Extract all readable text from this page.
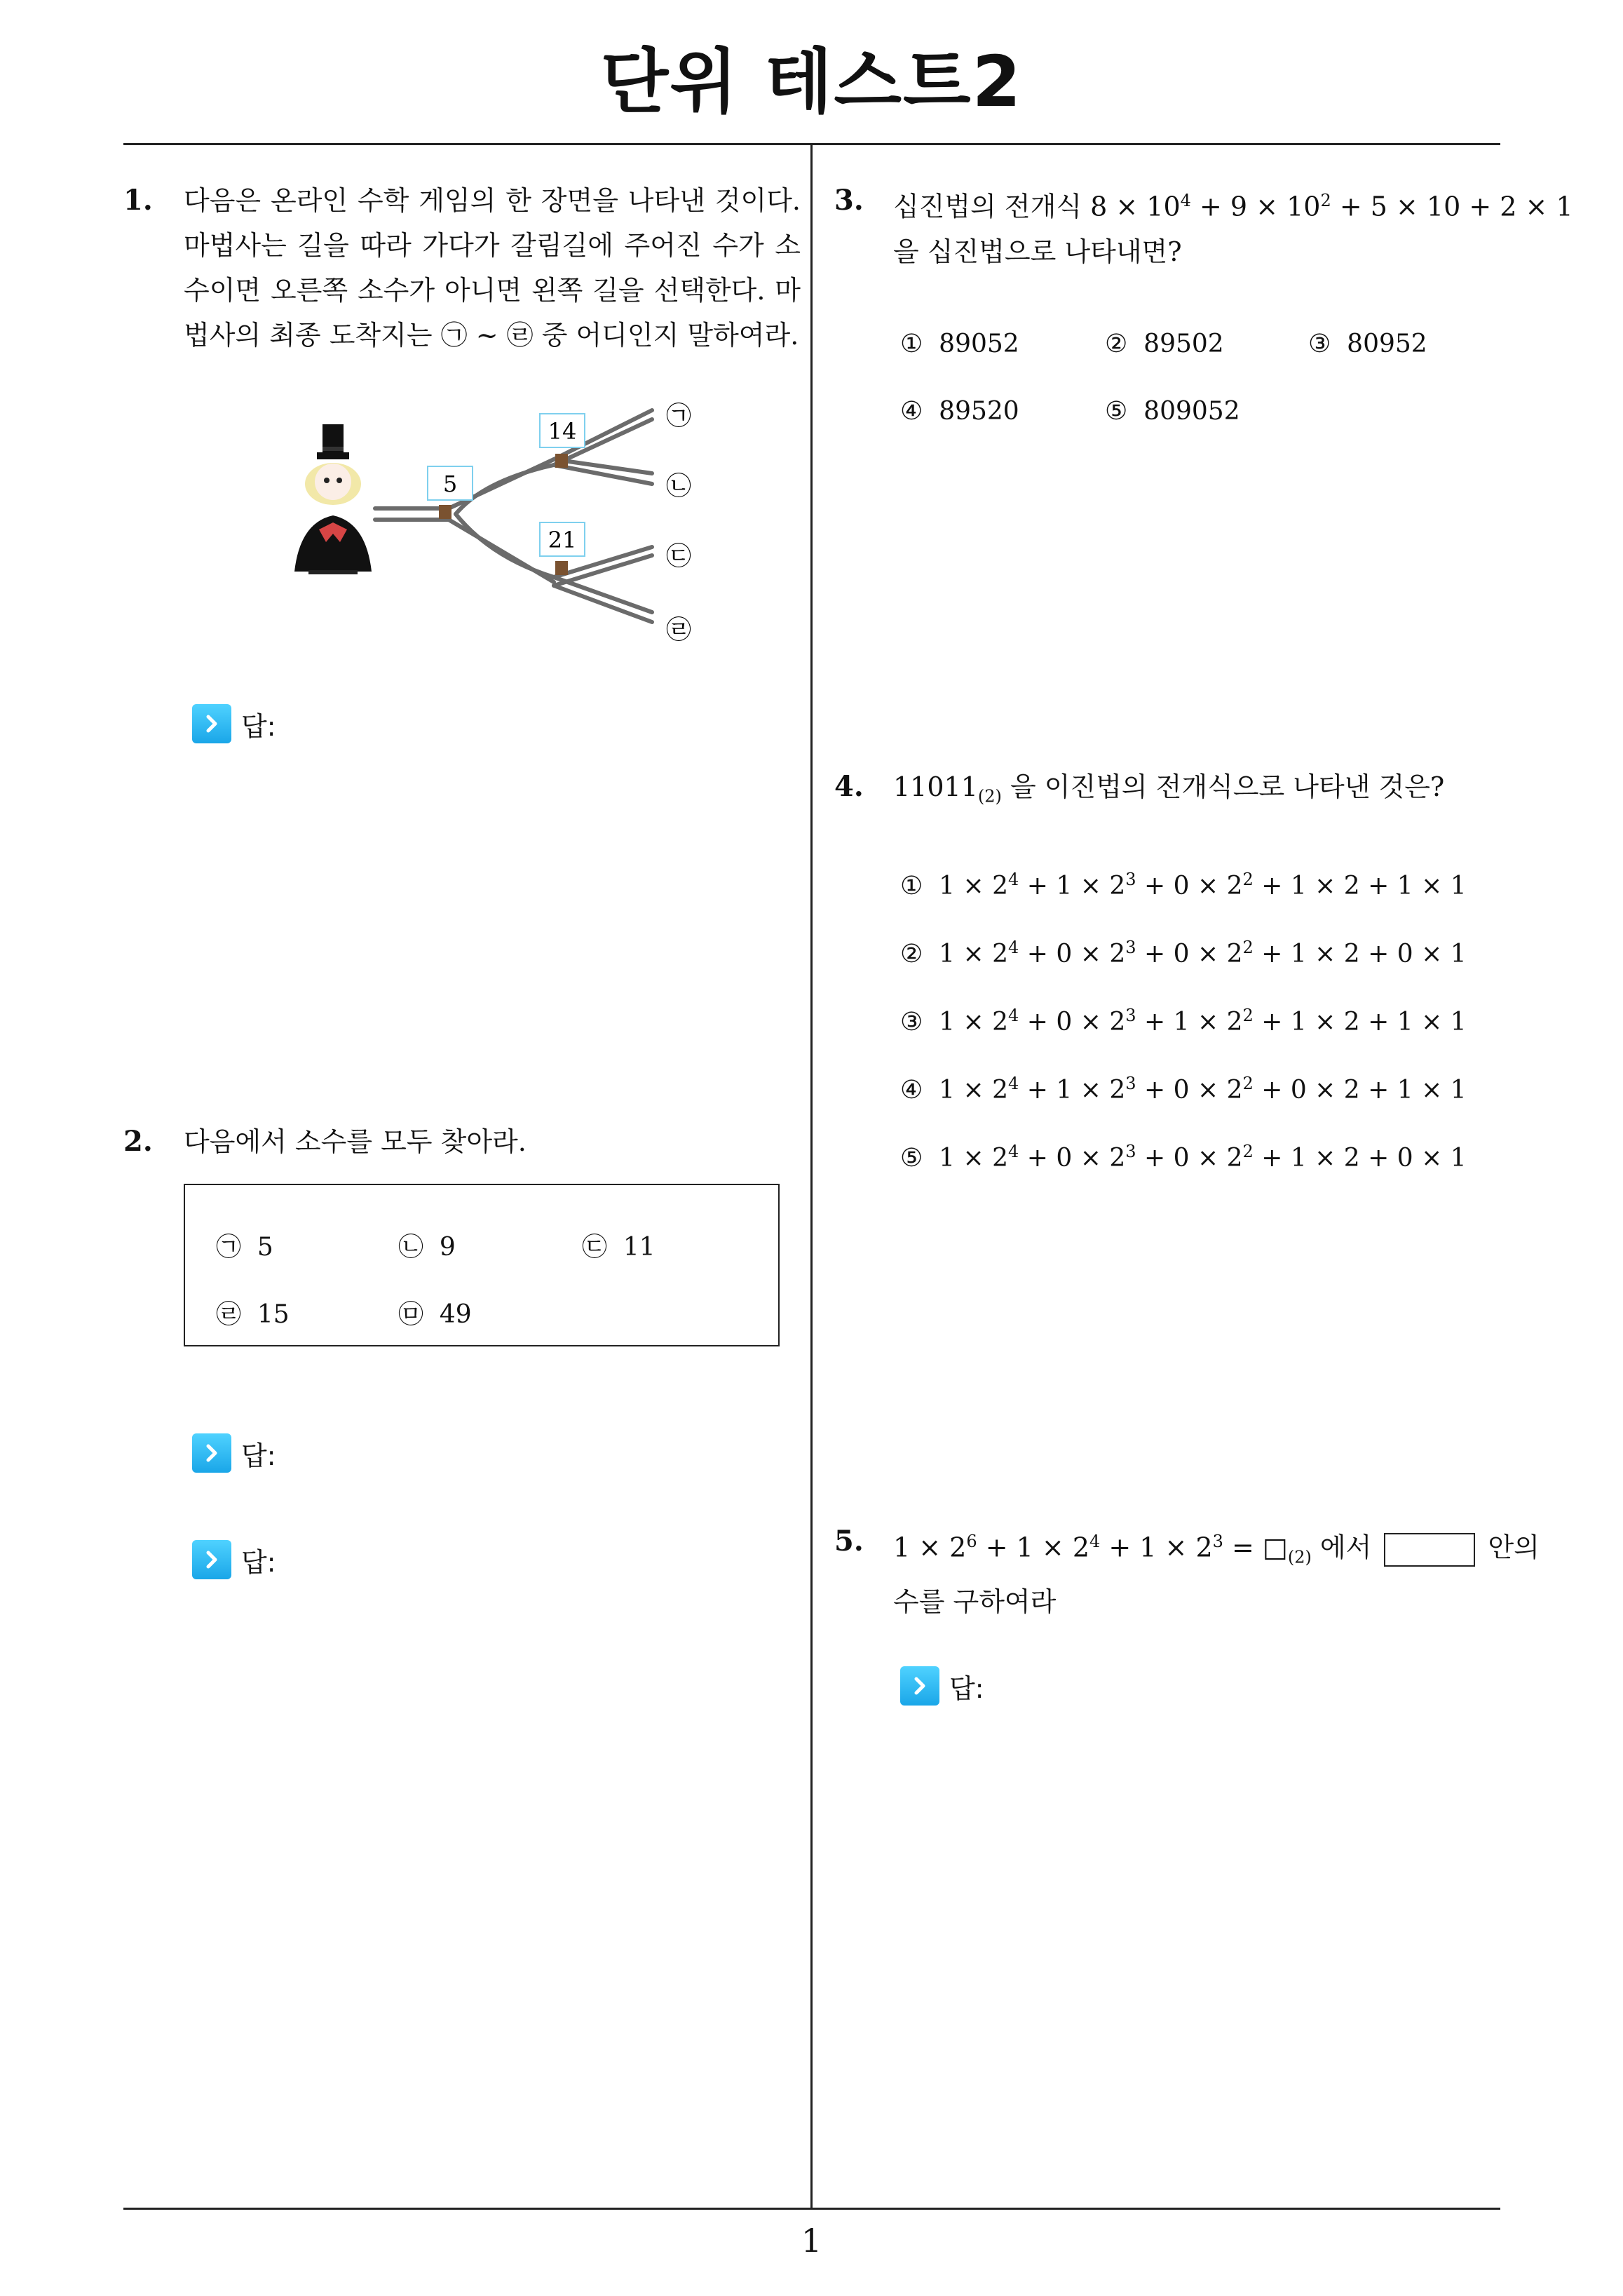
단위 테스트2
1. 다음은 온라인 수학 게임의 한 장면을 나타낸 것이다.
마법사는 길을 따라 가다가 갈림길에 주어진 수가 소
수이면 오른쪽 소수가 아니면 왼쪽 길을 선택한다. 마
법사의 최종 도착지는 ㉠ ~ ㉣ 중 어디인지 말하여라.
5
14
21
㉠
㉡
㉢
㉣
답:
2. 다음에서 소수를 모두 찾아라.
㉠ 5	㉡ 9	㉢ 11
㉣ 15	㉤ 49
답:
답:
3. 십진법의 전개식 $8 \times 10^4 + 9 \times 10^2 + 5 \times 10 + 2 \times 1$
을 십진법으로 나타내면?
① 89052	② 89502	③ 80952
④ 89520	⑤ 809052
4. $11011_{(2)}$ 을 이진법의 전개식으로 나타낸 것은?
① $1 \times 2^4 + 1 \times 2^3 + 0 \times 2^2 + 1 \times 2 + 1 \times 1$
② $1 \times 2^4 + 0 \times 2^3 + 0 \times 2^2 + 1 \times 2 + 0 \times 1$
③ $1 \times 2^4 + 0 \times 2^3 + 1 \times 2^2 + 1 \times 2 + 1 \times 1$
④ $1 \times 2^4 + 1 \times 2^3 + 0 \times 2^2 + 0 \times 2 + 1 \times 1$
⑤ $1 \times 2^4 + 0 \times 2^3 + 0 \times 2^2 + 1 \times 2 + 0 \times 1$
5. $1 \times 2^6 + 1 \times 2^4 + 1 \times 2^3$ = $□_{(2)}$ 에서	안의
수를 구하여라
답:
1
